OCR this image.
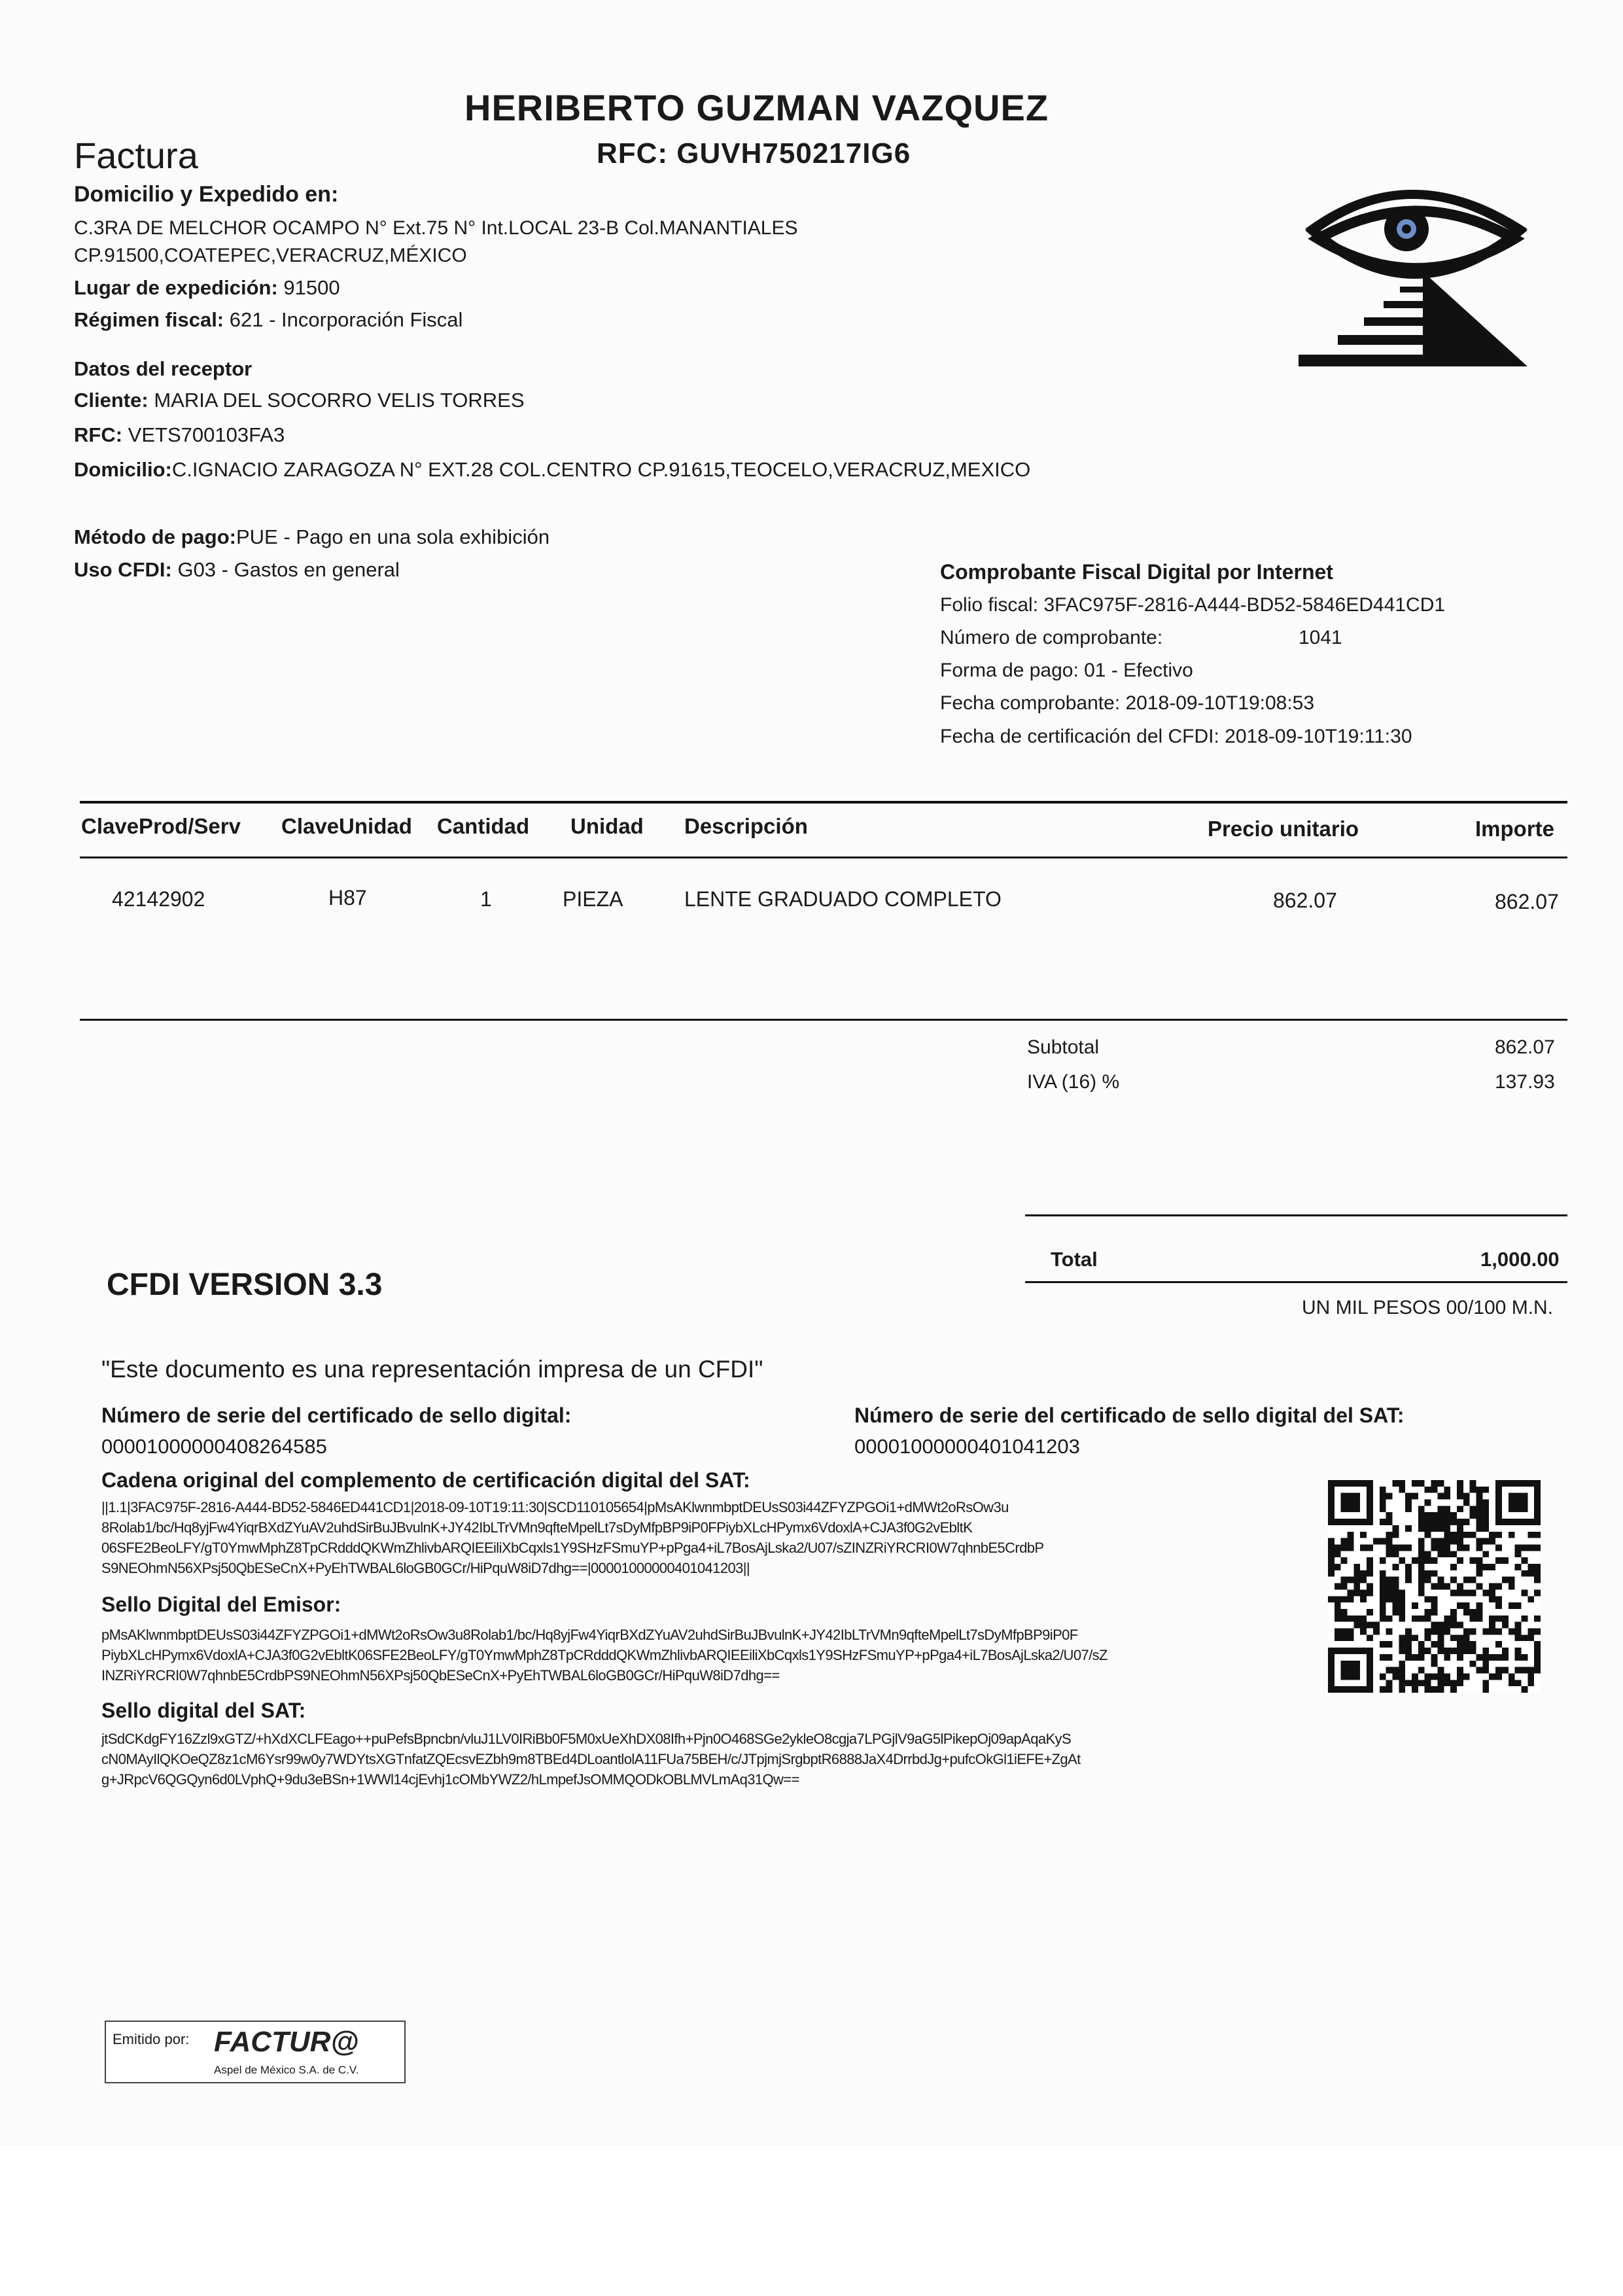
HERIBERTO GUZMAN VAZQUEZ
RFC: GUVH750217IG6
Factura
Domicilio y Expedido en:
C.3RA DE MELCHOR OCAMPO N° Ext.75 N° Int.LOCAL 23-B Col.MANANTIALES
CP.91500,COATEPEC,VERACRUZ,MÉXICO
Lugar de expedición: 91500
Régimen fiscal: 621 - Incorporación Fiscal
Datos del receptor
Cliente: MARIA DEL SOCORRO VELIS TORRES
RFC: VETS700103FA3
Domicilio:C.IGNACIO ZARAGOZA N° EXT.28 COL.CENTRO CP.91615,TEOCELO,VERACRUZ,MEXICO
Método de pago:PUE - Pago en una sola exhibición
Uso CFDI: G03 - Gastos en general	Comprobante Fiscal Digital por Internet
Folio fiscal: 3FAC975F-2816-A444-BD52-5846ED441CD1
Número de comprobante:	1041
Forma de pago: 01 - Efectivo
Fecha comprobante: 2018-09-10T19:08:53
Fecha de certificación del CFDI: 2018-09-10T19:11:30
ClaveProd/Serv ClaveUnidad Cantidad Unidad Descripción	Precio unitario	Importe
42142902	H87	1	PIEZA	LENTE GRADUADO COMPLETO	862.07	862.07
Subtotal	862.07
IVA (16) %	137.93
Total	1,000.00
UN MIL PESOS 00/100 M.N.
CFDI VERSION 3.3
"Este documento es una representación impresa de un CFDI"
Número de serie del certificado de sello digital:
00001000000408264585
Número de serie del certificado de sello digital del SAT:
00001000000401041203
Cadena original del complemento de certificación digital del SAT:
||1.1|3FAC975F-2816-A444-BD52-5846ED441CD1|2018-09-10T19:11:30|SCD110105654|pMsAKlwnmbptDEUsS03i44ZFYZPGOi1+dMWt2oRsOw3u
8Rolab1/bc/Hq8yjFw4YiqrBXdZYuAV2uhdSirBuJBvulnK+JY42IbLTrVMn9qfteMpelLt7sDyMfpBP9iP0FPiybXLcHPymx6VdoxlA+CJA3f0G2vEbltK
06SFE2BeoLFY/gT0YmwMphZ8TpCRdddQKWmZhlivbARQIEEiliXbCqxls1Y9SHzFSmuYP+pPga4+iL7BosAjLska2/U07/sZINZRiYRCRI0W7qhnbE5CrdbP
S9NEOhmN56XPsj50QbESeCnX+PyEhTWBAL6loGB0GCr/HiPquW8iD7dhg==|00001000000401041203||
Sello Digital del Emisor:
pMsAKlwnmbptDEUsS03i44ZFYZPGOi1+dMWt2oRsOw3u8Rolab1/bc/Hq8yjFw4YiqrBXdZYuAV2uhdSirBuJBvulnK+JY42IbLTrVMn9qfteMpelLt7sDyMfpBP9iP0F
PiybXLcHPymx6VdoxlA+CJA3f0G2vEbltK06SFE2BeoLFY/gT0YmwMphZ8TpCRdddQKWmZhlivbARQIEEiliXbCqxls1Y9SHzFSmuYP+pPga4+iL7BosAjLska2/U07/sZ
INZRiYRCRI0W7qhnbE5CrdbPS9NEOhmN56XPsj50QbESeCnX+PyEhTWBAL6loGB0GCr/HiPquW8iD7dhg==
Sello digital del SAT:
jtSdCKdgFY16Zzl9xGTZ/+hXdXCLFEago++puPefsBpncbn/vluJ1LV0IRiBb0F5M0xUeXhDX08Ifh+Pjn0O468SGe2ykleO8cgja7LPGjlV9aG5lPikepOj09apAqaKyS
cN0MAyIlQKOeQZ8z1cM6Ysr99w0y7WDYtsXGTnfatZQEcsvEZbh9m8TBEd4DLoantlolA11FUa75BEH/c/JTpjmjSrgbptR6888JaX4DrrbdJg+pufcOkGl1iEFE+ZgAt
g+JRpcV6QGQyn6d0LVphQ+9du3eBSn+1WWl14cjEvhj1cOMbYWZ2/hLmpefJsOMMQODkOBLMVLmAq31Qw==
Emitido por: FACTUR@
Aspel de México S.A. de C.V.
